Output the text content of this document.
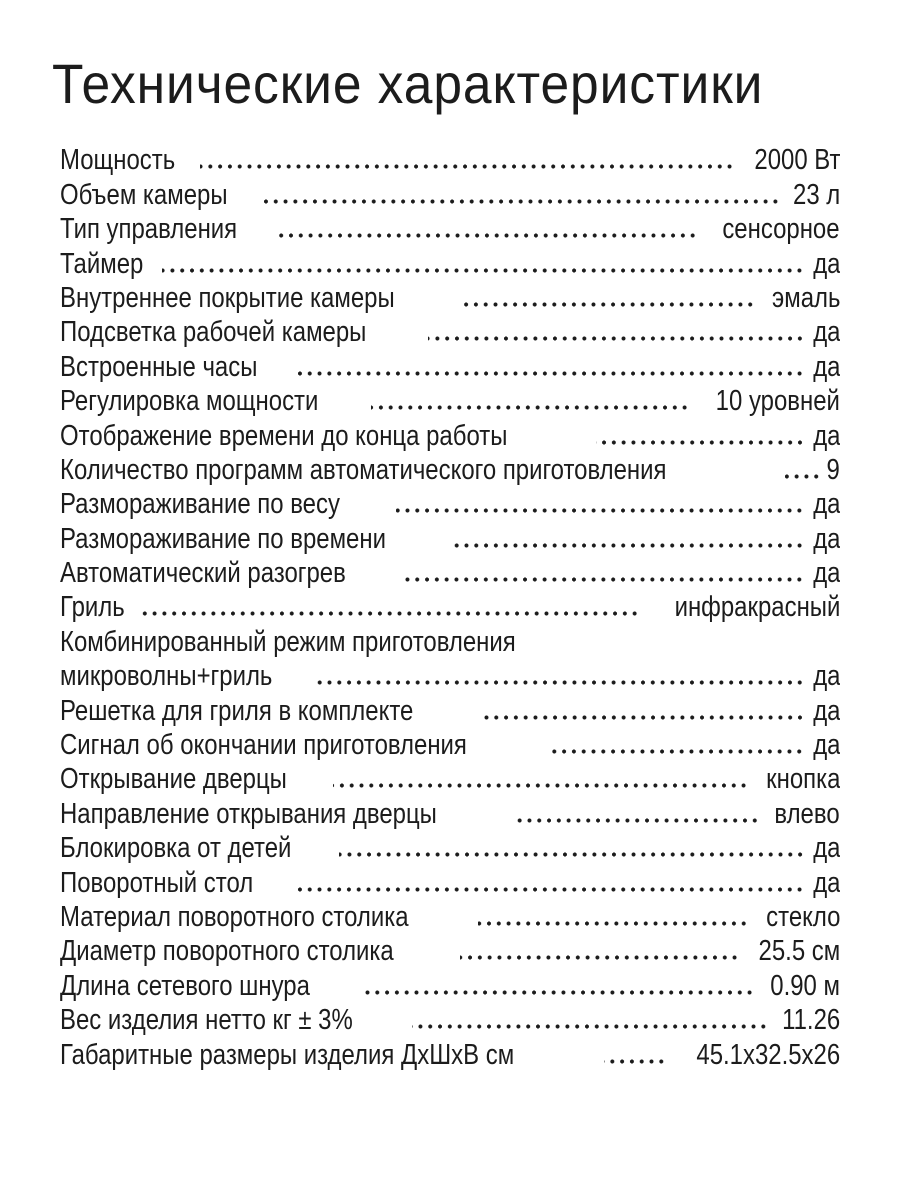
Технические характеристики
Мощность	2000 Вт
Объем камеры	23 л
Тип управления	сенсорное
Таймер	да
Внутреннее покрытие камеры	эмаль
Подсветка рабочей камеры	да
Встроенные часы	да
Регулировка мощности	10 уровней
Отображение времени до конца работы	да
Количество программ автоматического приготовления	9
Размораживание по весу	да
Размораживание по времени	да
Автоматический разогрев	да
Гриль	инфракрасный
Комбинированный режим приготовления
микроволны+гриль	да
Решетка для гриля в комплекте	да
Сигнал об окончании приготовления	да
Открывание дверцы	кнопка
Направление открывания дверцы	влево
Блокировка от детей	да
Поворотный стол	да
Материал поворотного столика	стекло
Диаметр поворотного столика	25.5 см
Длина сетевого шнура	0.90 м
Вес изделия нетто кг ± 3%	11.26
Габаритные размеры изделия ДхШхВ см	45.1x32.5x26
